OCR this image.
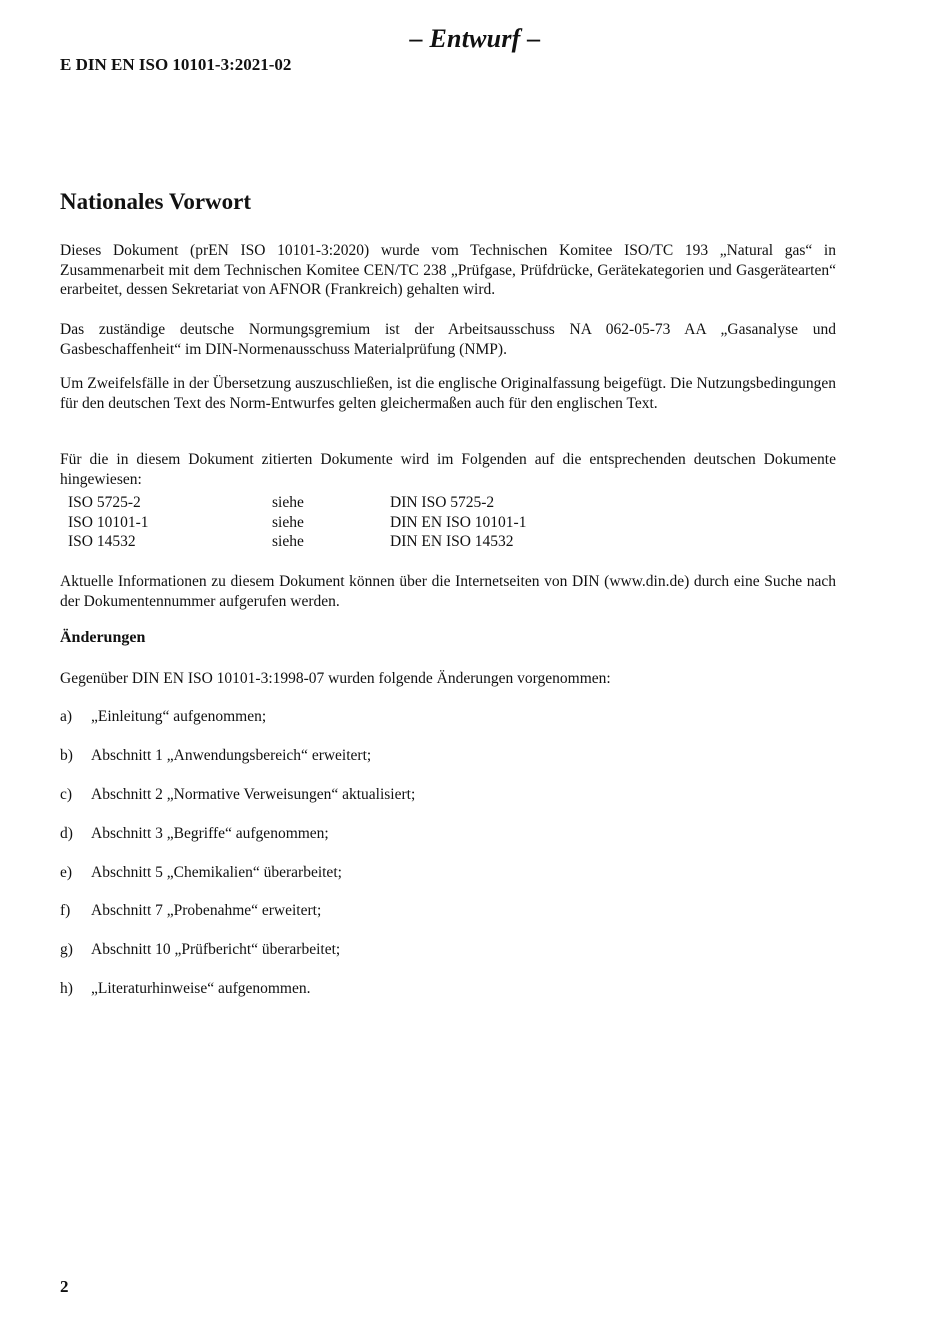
– Entwurf –
E DIN EN ISO 10101-3:2021-02
Nationales Vorwort

Dieses Dokument (prEN ISO 10101-3:2020) wurde vom Technischen Komitee ISO/TC 193 „Natural gas“ in Zusammenarbeit mit dem Technischen Komitee CEN/TC 238 „Prüfgase, Prüfdrücke, Gerätekategorien und Gasgerätearten“ erarbeitet, dessen Sekretariat von AFNOR (Frankreich) gehalten wird.

Das zuständige deutsche Normungsgremium ist der Arbeitsausschuss NA 062-05-73 AA „Gasanalyse und Gasbeschaffenheit“ im DIN-Normenausschuss Materialprüfung (NMP).

Um Zweifelsfälle in der Übersetzung auszuschließen, ist die englische Originalfassung beigefügt. Die Nutzungsbedingungen für den deutschen Text des Norm-Entwurfes gelten gleichermaßen auch für den englischen Text.

Für die in diesem Dokument zitierten Dokumente wird im Folgenden auf die entsprechenden deutschen Dokumente hingewiesen:

ISO 5725-2	siehe	DIN ISO 5725-2
ISO 10101-1	siehe	DIN EN ISO 10101-1
ISO 14532	siehe	DIN EN ISO 14532

Aktuelle Informationen zu diesem Dokument können über die Internetseiten von DIN (www.din.de) durch eine Suche nach der Dokumentennummer aufgerufen werden.

Änderungen

Gegenüber DIN EN ISO 10101-3:1998-07 wurden folgende Änderungen vorgenommen:

a) „Einleitung“ aufgenommen;
b) Abschnitt 1 „Anwendungsbereich“ erweitert;
c) Abschnitt 2 „Normative Verweisungen“ aktualisiert;
d) Abschnitt 3 „Begriffe“ aufgenommen;
e) Abschnitt 5 „Chemikalien“ überarbeitet;
f) Abschnitt 7 „Probenahme“ erweitert;
g) Abschnitt 10 „Prüfbericht“ überarbeitet;
h) „Literaturhinweise“ aufgenommen.
2
